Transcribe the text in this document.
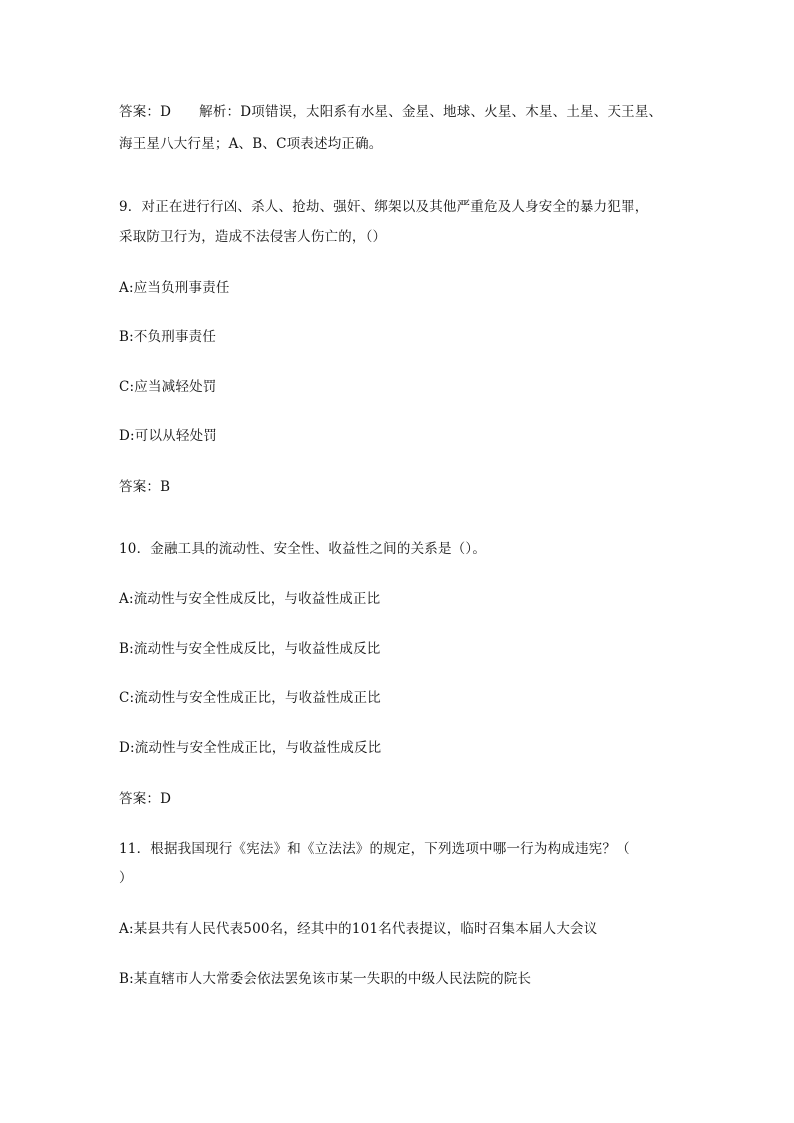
答案：D 解析：D项错误，太阳系有水星、金星、地球、火星、木星、土星、天王星、
海王星八大行星；A、B、C项表述均正确。
9．对正在进行行凶、杀人、抢劫、强奸、绑架以及其他严重危及人身安全的暴力犯罪，
采取防卫行为，造成不法侵害人伤亡的，（）
A:应当负刑事责任
B:不负刑事责任
C:应当减轻处罚
D:可以从轻处罚
答案：B
10．金融工具的流动性、安全性、收益性之间的关系是（）。
A:流动性与安全性成反比，与收益性成正比
B:流动性与安全性成反比，与收益性成反比
C:流动性与安全性成正比，与收益性成正比
D:流动性与安全性成正比，与收益性成反比
答案：D
11．根据我国现行《宪法》和《立法法》的规定，下列选项中哪一行为构成违宪？（
）
A:某县共有人民代表500名，经其中的101名代表提议，临时召集本届人大会议
B:某直辖市人大常委会依法罢免该市某一失职的中级人民法院的院长
